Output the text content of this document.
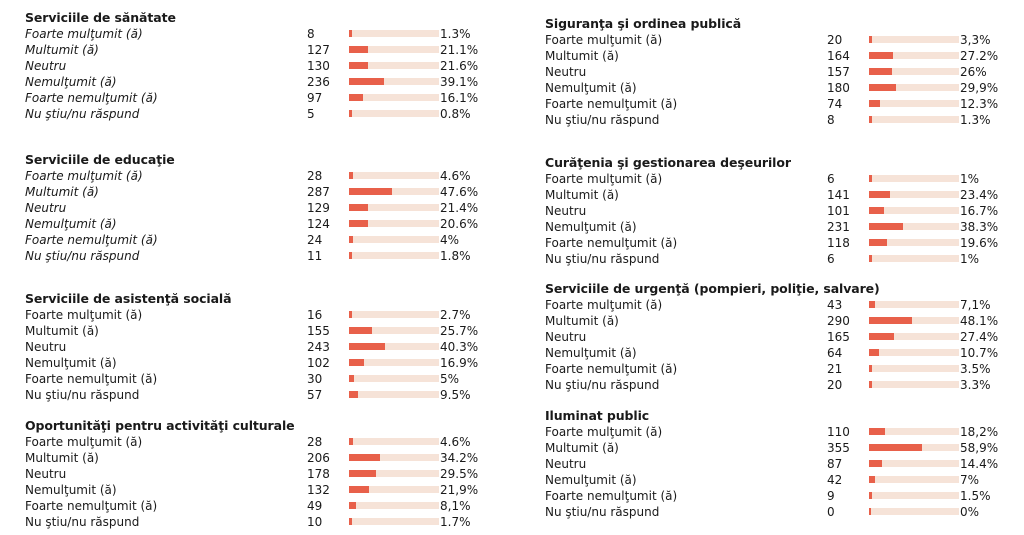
Serviciile de sănătate
Foarte mulţumit (ă)	8	1.3%
Multumit (ă)	127	21.1%
Neutru	130	21.6%
Nemulţumit (ă)	236	39.1%
Foarte nemulţumit (ă)	97	16.1%
Nu ştiu/nu răspund	5	0.8%
Serviciile de educaţie
Foarte mulţumit (ă)	28	4.6%
Multumit (ă)	287	47.6%
Neutru	129	21.4%
Nemulţumit (ă)	124	20.6%
Foarte nemulţumit (ă)	24	4%
Nu ştiu/nu răspund	11	1.8%
Serviciile de asistenţă socială
Foarte mulţumit (ă)	16	2.7%
Multumit (ă)	155	25.7%
Neutru	243	40.3%
Nemulţumit (ă)	102	16.9%
Foarte nemulţumit (ă)	30	5%
Nu ştiu/nu răspund	57	9.5%
Oportunităţi pentru activităţi culturale
Foarte mulţumit (ă)	28	4.6%
Multumit (ă)	206	34.2%
Neutru	178	29.5%
Nemulţumit (ă)	132	21,9%
Foarte nemulţumit (ă)	49	8,1%
Nu ştiu/nu răspund	10	1.7%
Siguranţa şi ordinea publică
Foarte mulţumit (ă)	20	3,3%
Multumit (ă)	164	27.2%
Neutru	157	26%
Nemulţumit (ă)	180	29,9%
Foarte nemulţumit (ă)	74	12.3%
Nu ştiu/nu răspund	8	1.3%
Curăţenia şi gestionarea deşeurilor
Foarte mulţumit (ă)	6	1%
Multumit (ă)	141	23.4%
Neutru	101	16.7%
Nemulţumit (ă)	231	38.3%
Foarte nemulţumit (ă)	118	19.6%
Nu ştiu/nu răspund	6	1%
Serviciile de urgenţă (pompieri, poliţie, salvare)
Foarte mulţumit (ă)	43	7,1%
Multumit (ă)	290	48.1%
Neutru	165	27.4%
Nemulţumit (ă)	64	10.7%
Foarte nemulţumit (ă)	21	3.5%
Nu ştiu/nu răspund	20	3.3%
Iluminat public
Foarte mulţumit (ă)	110	18,2%
Multumit (ă)	355	58,9%
Neutru	87	14.4%
Nemulţumit (ă)	42	7%
Foarte nemulţumit (ă)	9	1.5%
Nu ştiu/nu răspund	0	0%
